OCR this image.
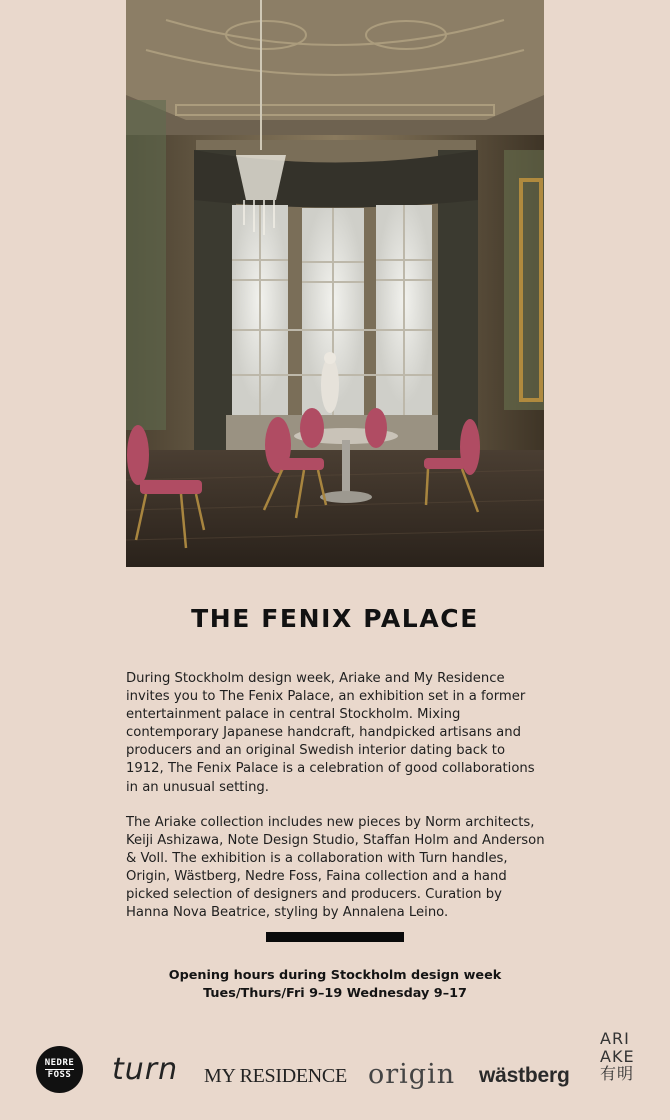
THE FENIX PALACE

During Stockholm design week, Ariake and My Residence invites you to The Fenix Palace, an exhibition set in a former entertainment palace in central Stockholm. Mixing contemporary Japanese handcraft, handpicked artisans and producers and an original Swedish interior dating back to 1912, The Fenix Palace is a celebration of good collaborations in an unusual setting.

The Ariake collection includes new pieces by Norm architects, Keiji Ashizawa, Note Design Studio, Staffan Holm and Anderson & Voll. The exhibition is a collaboration with Turn handles, Origin, Wästberg, Nedre Foss, Faina collection and a hand picked selection of designers and producers. Curation by Hanna Nova Beatrice, styling by Annalena Leino.

Opening hours during Stockholm design week
Tues/Thurs/Fri 9–19 Wednesday 9–17
NEDRE
FOSS turn MY RESIDENCE origin wästberg
ARI
AKE
有明
